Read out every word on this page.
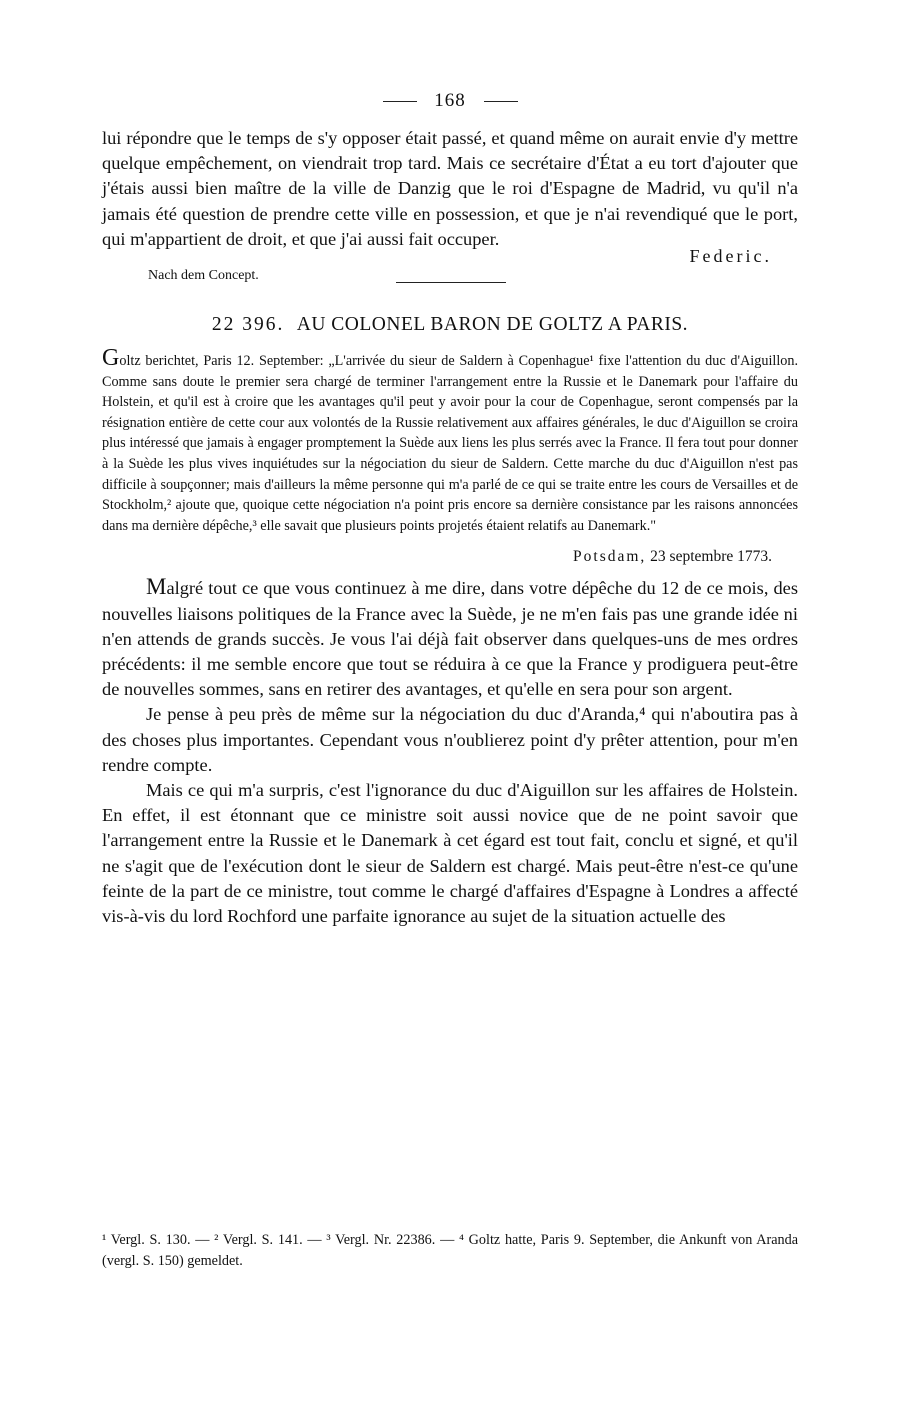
168

lui répondre que le temps de s'y opposer était passé, et quand même on aurait envie d'y mettre quelque empêchement, on viendrait trop tard. Mais ce secrétaire d'État a eu tort d'ajouter que j'étais aussi bien maître de la ville de Danzig que le roi d'Espagne de Madrid, vu qu'il n'a jamais été question de prendre cette ville en possession, et que je n'ai revendiqué que le port, qui m'appartient de droit, et que j'ai aussi fait occuper.

Federic.
Nach dem Concept.
22 396. AU COLONEL BARON DE GOLTZ A PARIS.

Goltz berichtet, Paris 12. September: „L'arrivée du sieur de Saldern à Copenhague¹ fixe l'attention du duc d'Aiguillon. Comme sans doute le premier sera chargé de terminer l'arrangement entre la Russie et le Danemark pour l'affaire du Holstein, et qu'il est à croire que les avantages qu'il peut y avoir pour la cour de Copenhague, seront compensés par la résignation entière de cette cour aux volontés de la Russie relativement aux affaires générales, le duc d'Aiguillon se croira plus intéressé que jamais à engager promptement la Suède aux liens les plus serrés avec la France. Il fera tout pour donner à la Suède les plus vives inquiétudes sur la négociation du sieur de Saldern. Cette marche du duc d'Aiguillon n'est pas difficile à soupçonner; mais d'ailleurs la même personne qui m'a parlé de ce qui se traite entre les cours de Versailles et de Stockholm,² ajoute que, quoique cette négociation n'a point pris encore sa dernière consistance par les raisons annoncées dans ma dernière dépêche,³ elle savait que plusieurs points projetés étaient relatifs au Danemark."

Potsdam, 23 septembre 1773.

Malgré tout ce que vous continuez à me dire, dans votre dépêche du 12 de ce mois, des nouvelles liaisons politiques de la France avec la Suède, je ne m'en fais pas une grande idée ni n'en attends de grands succès. Je vous l'ai déjà fait observer dans quelques-uns de mes ordres précédents: il me semble encore que tout se réduira à ce que la France y prodiguera peut-être de nouvelles sommes, sans en retirer des avantages, et qu'elle en sera pour son argent.

Je pense à peu près de même sur la négociation du duc d'Aranda,⁴ qui n'aboutira pas à des choses plus importantes. Cependant vous n'oublierez point d'y prêter attention, pour m'en rendre compte.

Mais ce qui m'a surpris, c'est l'ignorance du duc d'Aiguillon sur les affaires de Holstein. En effet, il est étonnant que ce ministre soit aussi novice que de ne point savoir que l'arrangement entre la Russie et le Danemark à cet égard est tout fait, conclu et signé, et qu'il ne s'agit que de l'exécution dont le sieur de Saldern est chargé. Mais peut-être n'est-ce qu'une feinte de la part de ce ministre, tout comme le chargé d'affaires d'Espagne à Londres a affecté vis-à-vis du lord Rochford une parfaite ignorance au sujet de la situation actuelle des

¹ Vergl. S. 130. — ² Vergl. S. 141. — ³ Vergl. Nr. 22386. — ⁴ Goltz hatte, Paris 9. September, die Ankunft von Aranda (vergl. S. 150) gemeldet.
